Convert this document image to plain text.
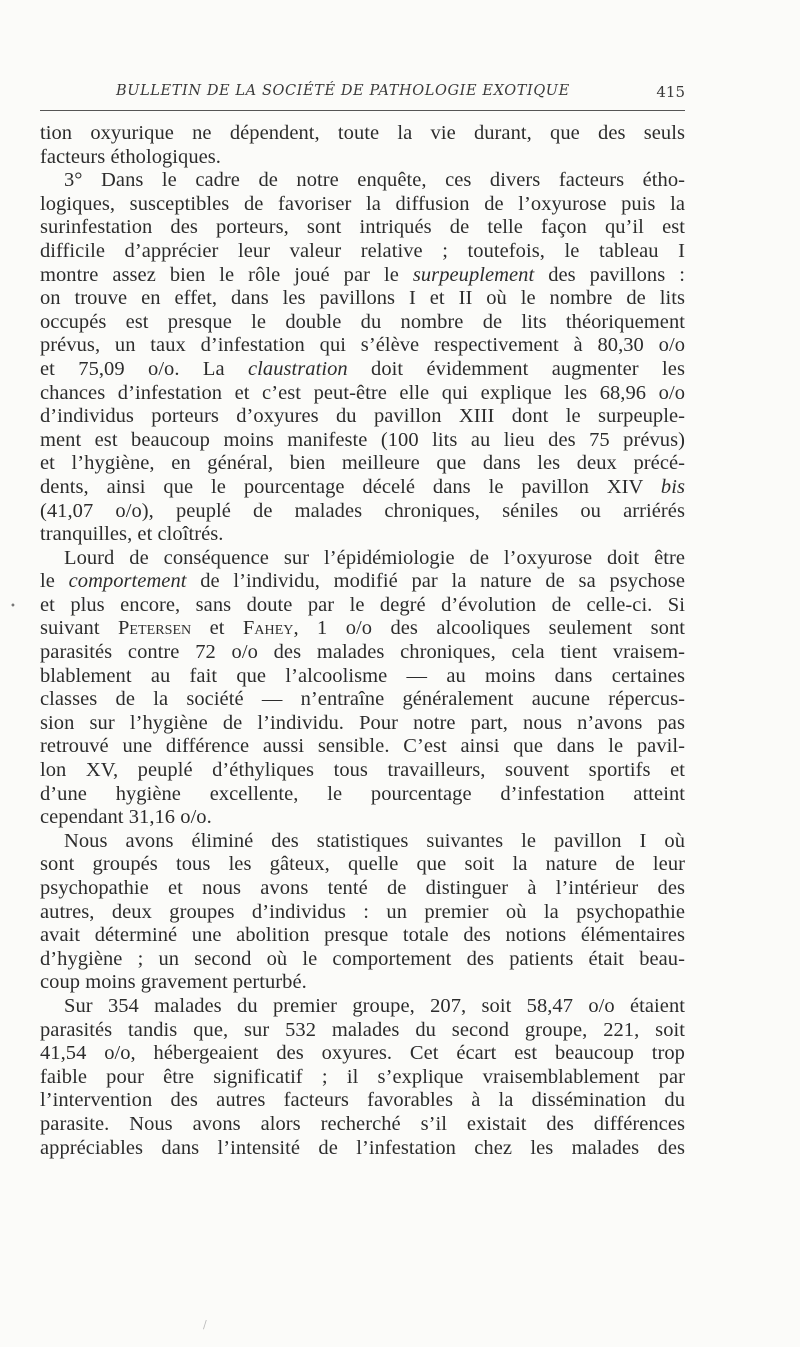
BULLETIN DE LA SOCIÉTÉ DE PATHOLOGIE EXOTIQUE	415
•
tion oxyurique ne dépendent, toute la vie durant, que des seuls
facteurs éthologiques.
3° Dans le cadre de notre enquête, ces divers facteurs étho-
logiques, susceptibles de favoriser la diffusion de l’oxyurose puis la
surinfestation des porteurs, sont intriqués de telle façon qu’il est
difficile d’apprécier leur valeur relative ; toutefois, le tableau I
montre assez bien le rôle joué par le surpeuplement des pavillons :
on trouve en effet, dans les pavillons I et II où le nombre de lits
occupés est presque le double du nombre de lits théoriquement
prévus, un taux d’infestation qui s’élève respectivement à 80,30 o/o
et 75,09 o/o. La claustration doit évidemment augmenter les
chances d’infestation et c’est peut-être elle qui explique les 68,96 o/o
d’individus porteurs d’oxyures du pavillon XIII dont le surpeuple-
ment est beaucoup moins manifeste (100 lits au lieu des 75 prévus)
et l’hygiène, en général, bien meilleure que dans les deux précé-
dents, ainsi que le pourcentage décelé dans le pavillon XIV bis
(41,07 o/o), peuplé de malades chroniques, séniles ou arriérés
tranquilles, et cloîtrés.
Lourd de conséquence sur l’épidémiologie de l’oxyurose doit être
le comportement de l’individu, modifié par la nature de sa psychose
et plus encore, sans doute par le degré d’évolution de celle-ci. Si
suivant Petersen et Fahey, 1 o/o des alcooliques seulement sont
parasités contre 72 o/o des malades chroniques, cela tient vraisem-
blablement au fait que l’alcoolisme — au moins dans certaines
classes de la société — n’entraîne généralement aucune répercus-
sion sur l’hygiène de l’individu. Pour notre part, nous n’avons pas
retrouvé une différence aussi sensible. C’est ainsi que dans le pavil-
lon XV, peuplé d’éthyliques tous travailleurs, souvent sportifs et
d’une hygiène excellente, le pourcentage d’infestation atteint
cependant 31,16 o/o.
Nous avons éliminé des statistiques suivantes le pavillon I où
sont groupés tous les gâteux, quelle que soit la nature de leur
psychopathie et nous avons tenté de distinguer à l’intérieur des
autres, deux groupes d’individus : un premier où la psychopathie
avait déterminé une abolition presque totale des notions élémentaires
d’hygiène ; un second où le comportement des patients était beau-
coup moins gravement perturbé.
Sur 354 malades du premier groupe, 207, soit 58,47 o/o étaient
parasités tandis que, sur 532 malades du second groupe, 221, soit
41,54 o/o, hébergeaient des oxyures. Cet écart est beaucoup trop
faible pour être significatif ; il s’explique vraisemblablement par
l’intervention des autres facteurs favorables à la dissémination du
parasite. Nous avons alors recherché s’il existait des différences
appréciables dans l’intensité de l’infestation chez les malades des
/
